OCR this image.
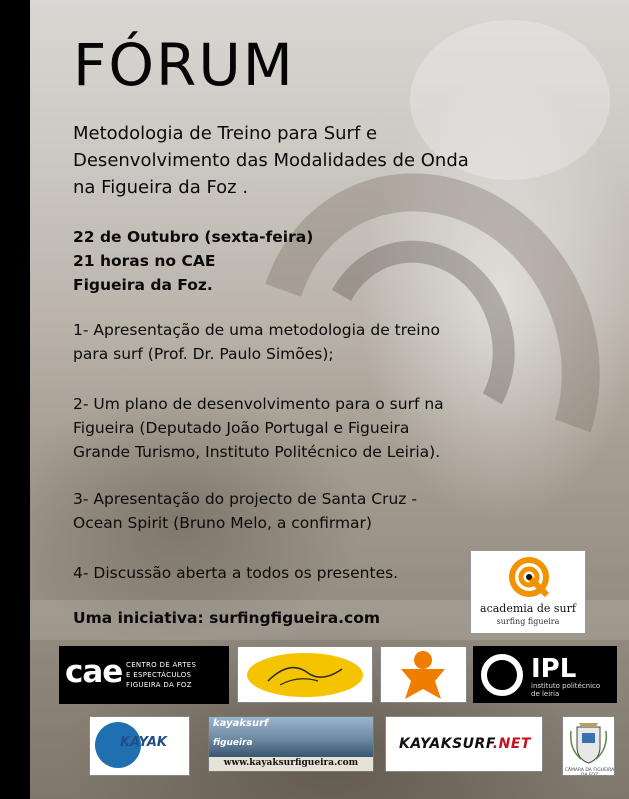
FÓRUM
Metodologia de Treino para Surf e
Desenvolvimento das Modalidades de Onda
na Figueira da Foz .
22 de Outubro (sexta-feira)
21 horas no CAE
Figueira da Foz.
1- Apresentação de uma metodologia de treino
para surf (Prof. Dr. Paulo Simões);
2- Um plano de desenvolvimento para o surf na
Figueira (Deputado João Portugal e Figueira
Grande Turismo, Instituto Politécnico de Leiria).
3- Apresentação do projecto de Santa Cruz -
Ocean Spirit (Bruno Melo, a confirmar)
4- Discussão aberta a todos os presentes.
Uma iniciativa: surfingfigueira.com
academia de surf
surfing figueira
cae CENTRO DE ARTES
E ESPECTÁCULOS
FIGUEIRA DA FOZ
IPL
instituto politécnico
de leiria
KAYAK
kayaksurf
figueira
www.kayaksurfigueira.com
KAYAKSURF.NET
CÂMARA DA FIGUEIRA DA FOZ
